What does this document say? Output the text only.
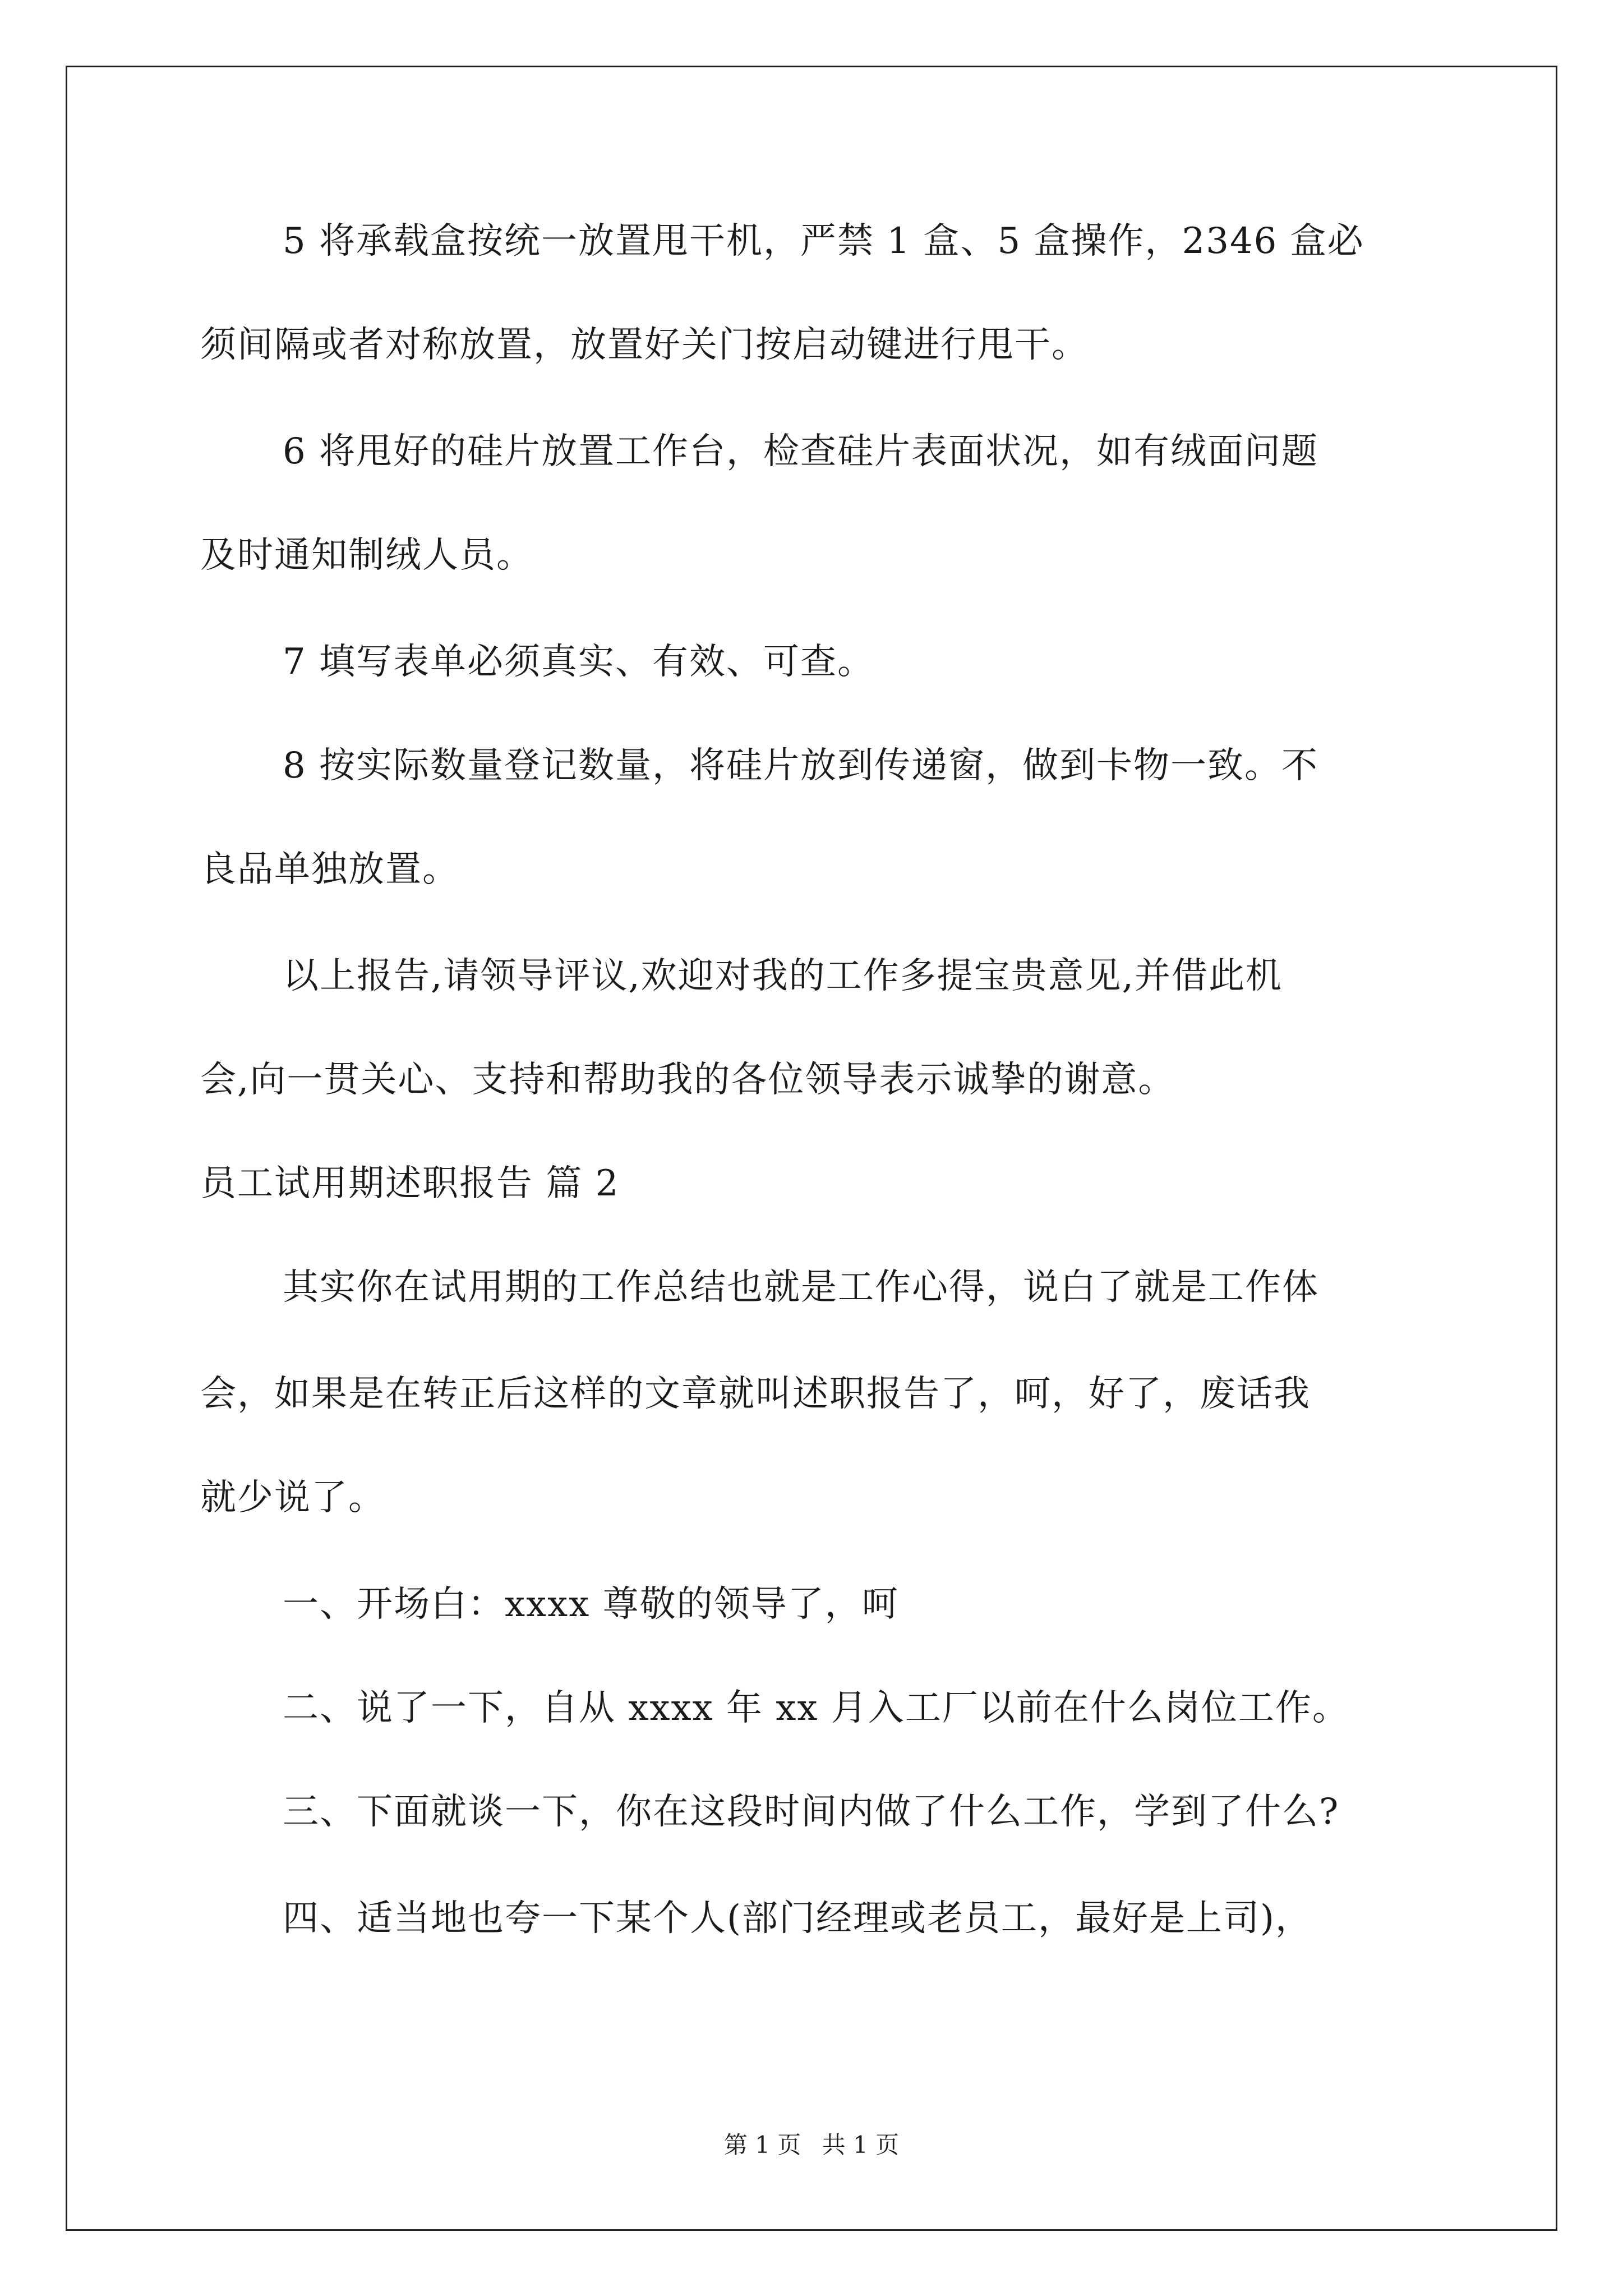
5 将承载盒按统一放置甩干机，严禁 1 盒、5 盒操作，2346 盒必
须间隔或者对称放置，放置好关门按启动键进行甩干。
6 将甩好的硅片放置工作台，检查硅片表面状况，如有绒面问题
及时通知制绒人员。
7 填写表单必须真实、有效、可查。
8 按实际数量登记数量，将硅片放到传递窗，做到卡物一致。不
良品单独放置。
以上报告,请领导评议,欢迎对我的工作多提宝贵意见,并借此机
会,向一贯关心、支持和帮助我的各位领导表示诚挚的谢意。
员工试用期述职报告 篇 2
其实你在试用期的工作总结也就是工作心得，说白了就是工作体
会，如果是在转正后这样的文章就叫述职报告了，呵，好了，废话我
就少说了。
一、开场白：xxxx 尊敬的领导了，呵
二、说了一下，自从 xxxx 年 xx 月入工厂以前在什么岗位工作。
三、下面就谈一下，你在这段时间内做了什么工作，学到了什么?
四、适当地也夸一下某个人(部门经理或老员工，最好是上司)，
第 1 页 共 1 页
